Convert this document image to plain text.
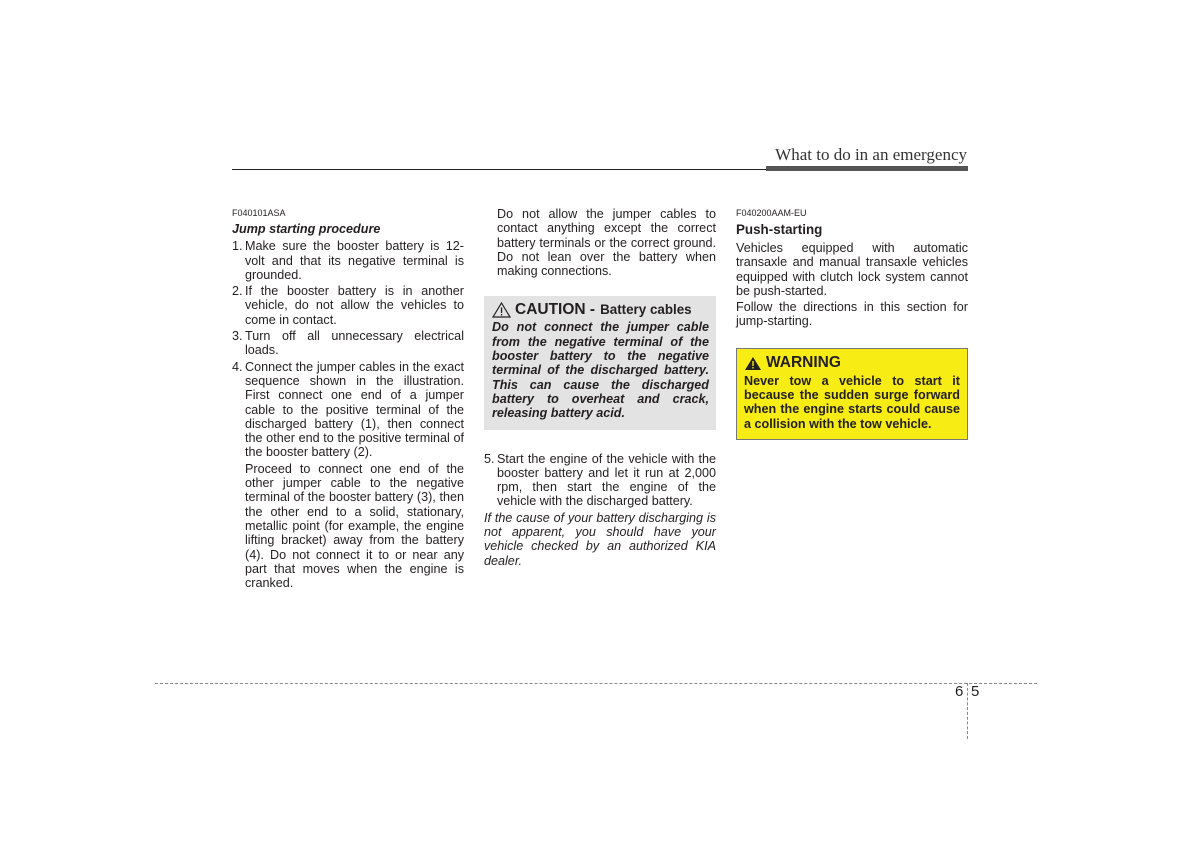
What to do in an emergency

F040101ASA

Jump starting procedure

1. Make sure the booster battery is 12-volt and that its negative terminal is grounded.
2. If the booster battery is in another vehicle, do not allow the vehicles to come in contact.
3. Turn off all unnecessary electrical loads.
4. Connect the jumper cables in the exact sequence shown in the illustration. First connect one end of a jumper cable to the positive terminal of the discharged battery (1), then connect the other end to the positive terminal of the booster battery (2).

Proceed to connect one end of the other jumper cable to the negative terminal of the booster battery (3), then the other end to a solid, stationary, metallic point (for example, the engine lifting bracket) away from the battery (4). Do not connect it to or near any part that moves when the engine is cranked.

Do not allow the jumper cables to contact anything except the correct battery terminals or the correct ground. Do not lean over the battery when making connections.

CAUTION - Battery cables

Do not connect the jumper cable from the negative terminal of the booster battery to the negative terminal of the discharged battery. This can cause the discharged battery to overheat and crack, releasing battery acid.

5. Start the engine of the vehicle with the booster battery and let it run at 2,000 rpm, then start the engine of the vehicle with the discharged battery.

If the cause of your battery discharging is not apparent, you should have your vehicle checked by an authorized KIA dealer.

F040200AAM-EU

Push-starting

Vehicles equipped with automatic transaxle and manual transaxle vehicles equipped with clutch lock system cannot be push-started.

Follow the directions in this section for jump-starting.

WARNING

Never tow a vehicle to start it because the sudden surge forward when the engine starts could cause a collision with the tow vehicle.

6 5
